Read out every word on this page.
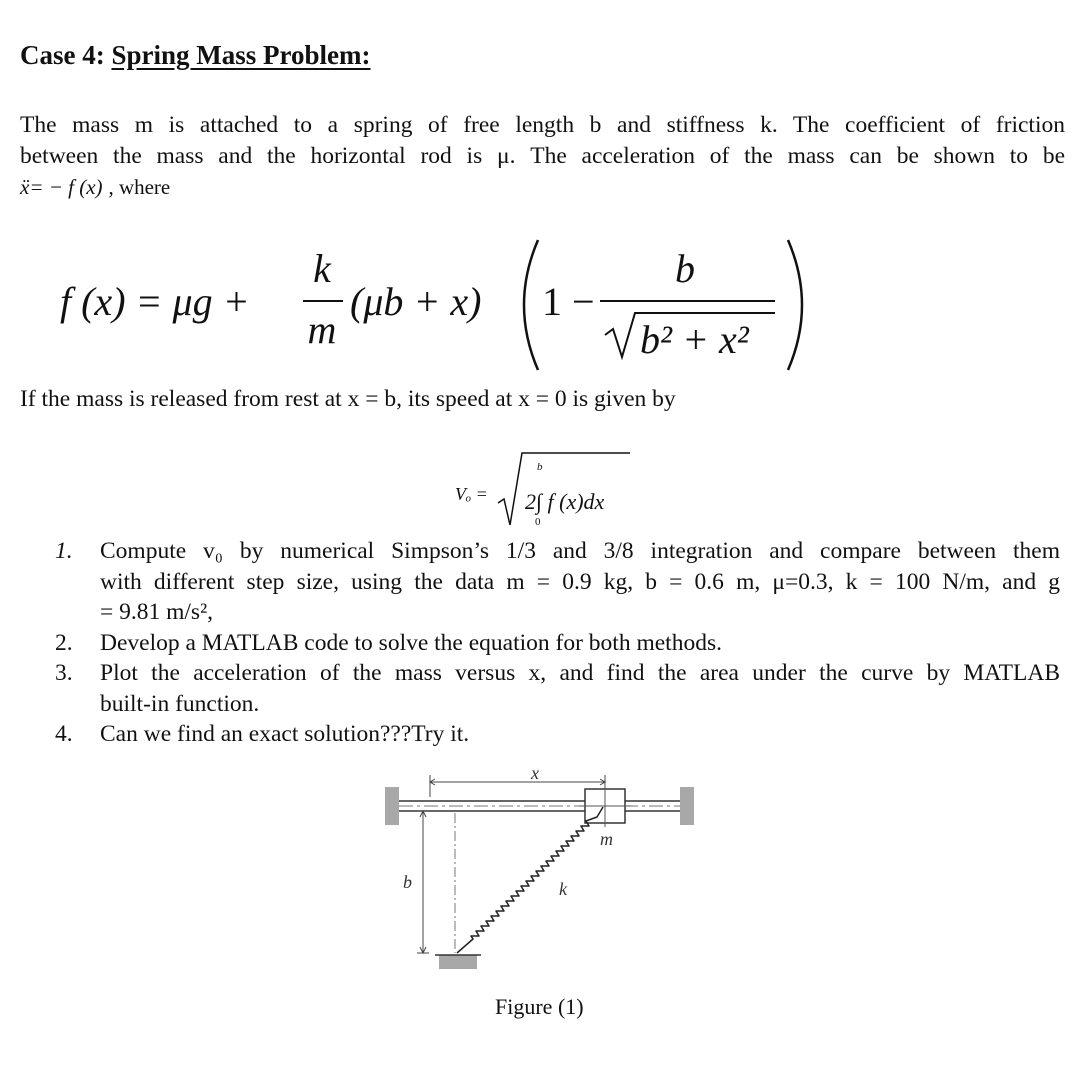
Case 4: Spring Mass Problem:
The mass m is attached to a spring of free length b and stiffness k. The coefficient of friction
between the mass and the horizontal rod is μ. The acceleration of the mass can be shown to be
ẍ= − f (x) , where
f (x) = μg +
k
m
(μb + x) 1 −
b
b² + x²
If the mass is released from rest at x = b, its speed at x = 0 is given by
Vₒ = 2∫ f (x)dx
b
0
1. Compute v₀ by numerical Simpson’s 1/3 and 3/8 integration and compare between them
with different step size, using the data m = 0.9 kg, b = 0.6 m, μ=0.3, k = 100 N/m, and g
= 9.81 m/s²,
2. Develop a MATLAB code to solve the equation for both methods.
3. Plot the acceleration of the mass versus x, and find the area under the curve by MATLAB
built-in function.
4. Can we find an exact solution???Try it.
x
b	k
m
Figure (1)
